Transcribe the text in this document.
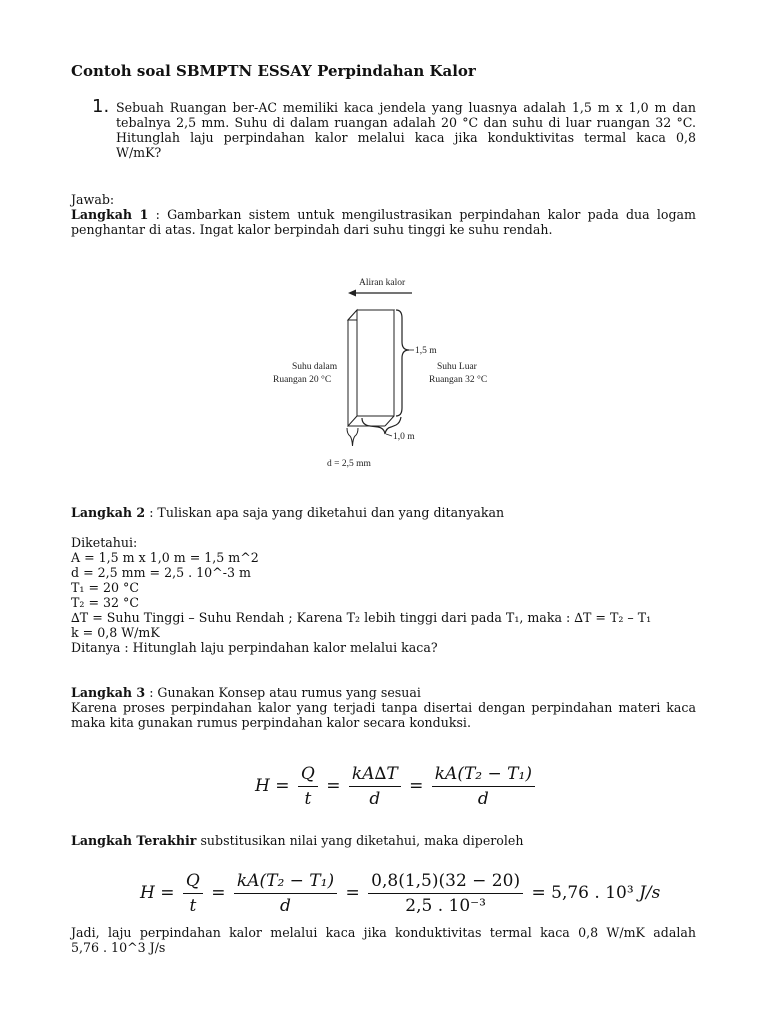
Contoh soal SBMPTN ESSAY Perpindahan Kalor
1. Sebuah Ruangan ber-AC memiliki kaca jendela yang luasnya adalah 1,5 m x 1,0 m dan
tebalnya 2,5 mm. Suhu di dalam ruangan adalah 20 °C dan suhu di luar ruangan 32 °C.
Hitunglah laju perpindahan kalor melalui kaca jika konduktivitas termal kaca 0,8
W/mK?
Jawab:
Langkah 1 : Gambarkan sistem untuk mengilustrasikan perpindahan kalor pada dua logam
penghantar di atas. Ingat kalor berpindah dari suhu tinggi ke suhu rendah.
Aliran kalor
1,5 m
1,0 m
d = 2,5 mm
Suhu dalam
Ruangan 20 °C
Suhu Luar
Ruangan 32 °C
Langkah 2 : Tuliskan apa saja yang diketahui dan yang ditanyakan
Diketahui:
A = 1,5 m x 1,0 m = 1,5 m^2
d = 2,5 mm = 2,5 . 10^-3 m
T₁ = 20 °C
T₂ = 32 °C
∆T = Suhu Tinggi – Suhu Rendah ; Karena T₂ lebih tinggi dari pada T₁, maka : ∆T = T₂ – T₁
k = 0,8 W/mK
Ditanya : Hitunglah laju perpindahan kalor melalui kaca?
Langkah 3 : Gunakan Konsep atau rumus yang sesuai
Karena proses perpindahan kalor yang terjadi tanpa disertai dengan perpindahan materi kaca
maka kita gunakan rumus perpindahan kalor secara konduksi.
$H = \frac{Q}{t} = \frac{kA\Delta T}{d} = \frac{\text{kA(T₂ − T₁)}}{d}$
Langkah Terakhir substitusikan nilai yang diketahui, maka diperoleh
$H = \frac{Q}{t} = \frac{\text{kA(T₂ − T₁)}}{d} = \frac{0,8(1,5)(32 - 20)}{\text{2,5 . 10⁻³}} = 5,76$ . 10³ J/s
Jadi, laju perpindahan kalor melalui kaca jika konduktivitas termal kaca 0,8 W/mK adalah
5,76 . 10^3 J/s
